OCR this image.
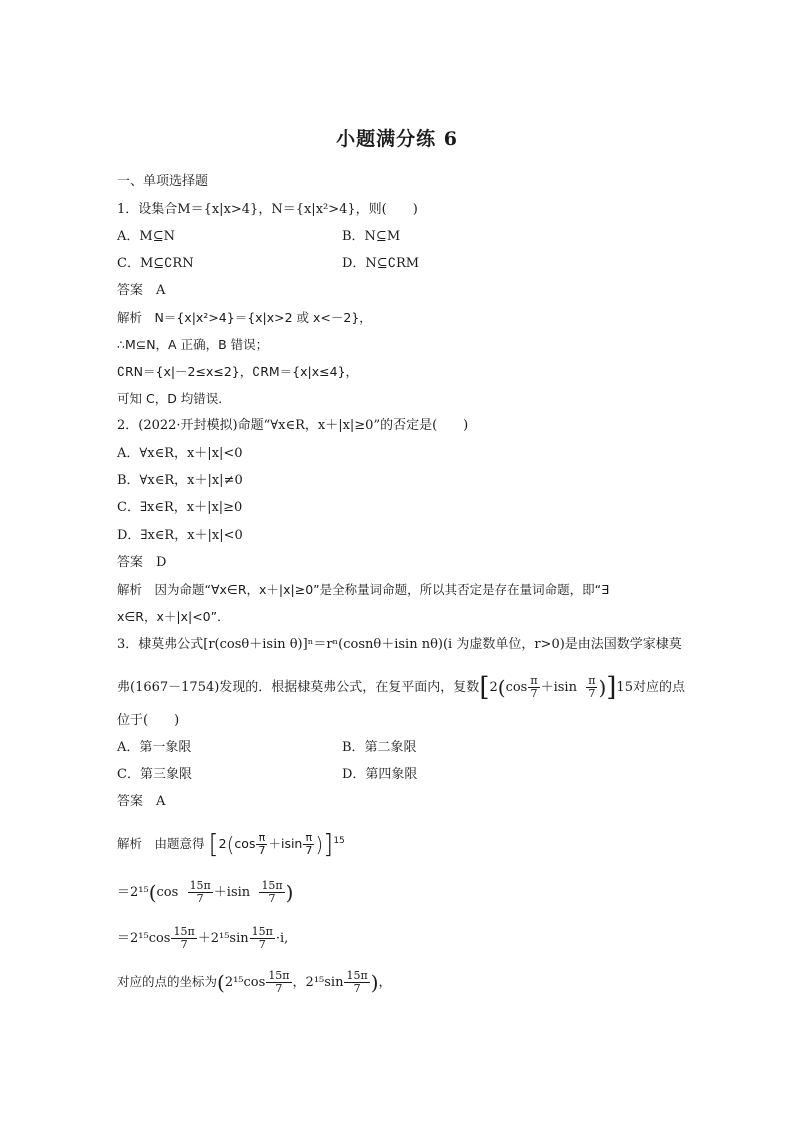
小题满分练 6
一、单项选择题
1．设集合M＝{x|x>4}，N＝{x|x²>4}，则(　　)
A．M⊆N	B．N⊆M
C．M⊆∁RN	D．N⊆∁RM
答案　A
解析　N＝{x|x²>4}＝{x|x>2 或 x<－2}，
∴M⊆N，A 正确，B 错误；
∁RN＝{x|－2≤x≤2}，∁RM＝{x|x≤4}，
可知 C，D 均错误．
2．(2022·开封模拟)命题“∀x∈R，x＋|x|≥0”的否定是(　　)
A．∀x∈R，x＋|x|<0
B．∀x∈R，x＋|x|≠0
C．∃x∈R，x＋|x|≥0
D．∃x∈R，x＋|x|<0
答案　D
解析　因为命题“∀x∈R，x＋|x|≥0”是全称量词命题，所以其否定是存在量词命题，即“∃
x∈R，x＋|x|<0”．
3．棣莫弗公式[r(cosθ＋isin θ)]ⁿ＝rⁿ(cosnθ＋isin nθ)(i 为虚数单位，r>0)是由法国数学家棣莫
弗(1667－1754)发现的．根据棣莫弗公式，在复平面内，复数$[2(\cos \frac{\pi}{7} +isin \frac{\pi}{7} )]15$对应的点
位于(　　)
A．第一象限	B．第二象限
C．第三象限	D．第四象限
答案　A
解析　由题意得 $[2(\cos \frac{\pi}{7} +isin \frac{\pi}{7} )]^{15}$
$=2^{15}(\cos \frac{15\pi}{7} +isin \frac{15\pi}{7}$ )
$=2^{15}\cos \frac{15\pi}{7} +2^{15}\sin \frac{15\pi}{7} \cdot i$,
对应的点的坐标为($2^{15}\cos \frac{15\pi}{7}$ ，$2^{15}\sin \frac{15\pi}{7}$ )，
